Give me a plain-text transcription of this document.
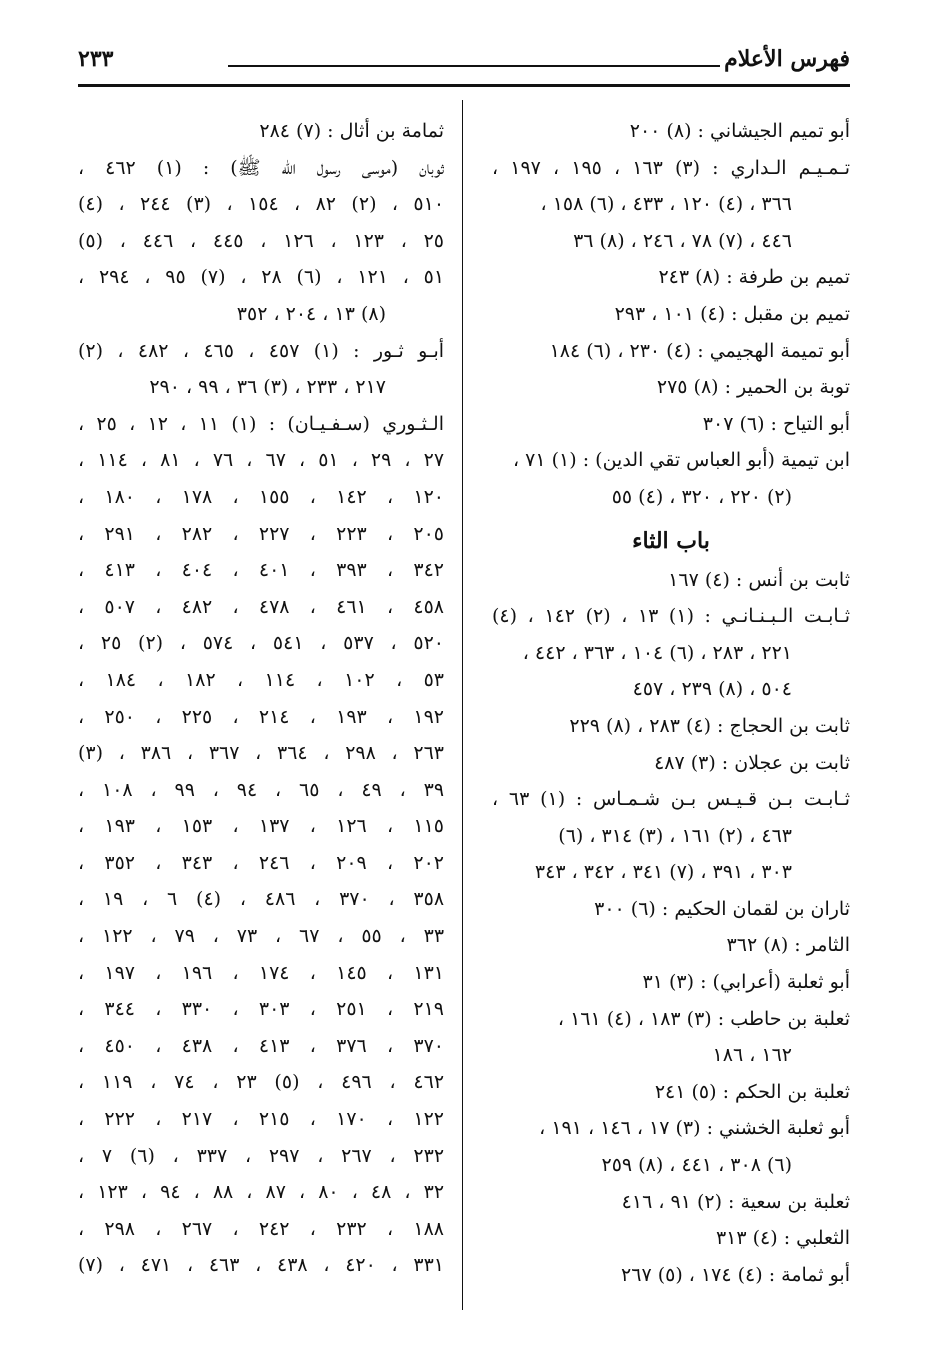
فهرس الأعلام
٢٣٣
أبو تميم الجيشاني : (٨) ٢٠٠
تـمـيـم الـداري : (٣) ١٦٣ ، ١٩٥ ، ١٩٧ ،
٣٦٦ ، (٤) ١٢٠ ، ٤٣٣ ، (٦) ١٥٨ ،
٤٤٦ ، (٧) ٧٨ ، ٢٤٦ ، (٨) ٣٦
تميم بن طرفة : (٨) ٢٤٣
تميم بن مقبل : (٤) ١٠١ ، ٢٩٣
أبو تميمة الهجيمي : (٤) ٢٣٠ ، (٦) ١٨٤
توبة بن الحمير : (٨) ٢٧٥
أبو التياح : (٦) ٣٠٧
ابن تيمية (أبو العباس تقي الدين) : (١) ٧١ ،
(٢) ٢٢٠ ، ٣٢٠ ، (٤) ٥٥
باب الثاء
ثابت بن أنس : (٤) ١٦٧
ثـابـت الـبـنـانـي : (١) ١٣ ، (٢) ١٤٢ ، (٤)
٢٢١ ، ٢٨٣ ، (٦) ١٠٤ ، ٣٦٣ ، ٤٤٢ ،
٥٠٤ ، (٨) ٢٣٩ ، ٤٥٧
ثابت بن الحجاج : (٤) ٢٨٣ ، (٨) ٢٢٩
ثابت بن عجلان : (٣) ٤٨٧
ثـابـت بـن قـيـس بـن شـمـاس : (١) ٦٣ ،
٤٦٣ ، (٢) ١٦١ ، (٣) ٣١٤ ، (٦)
٣٠٣ ، ٣٩١ ، (٧) ٣٤١ ، ٣٤٢ ، ٣٤٣
ثاران بن لقمان الحكيم : (٦) ٣٠٠
الثامر : (٨) ٣٦٢
أبو ثعلبة (أعرابي) : (٣) ٣١
ثعلبة بن حاطب : (٣) ١٨٣ ، (٤) ١٦١ ،
١٦٢ ، ١٨٦
ثعلبة بن الحكم : (٥) ٢٤١
أبو ثعلبة الخشني : (٣) ١٧ ، ١٤٦ ، ١٩١ ،
(٦) ٣٠٨ ، ٤٤١ ، (٨) ٢٥٩
ثعلبة بن سعية : (٢) ٩١ ، ٤١٦
الثعلبي : (٤) ٣١٣
أبو ثمامة : (٤) ١٧٤ ، (٥) ٢٦٧
ثمامة بن أثال : (٧) ٢٨٤
ثوبان (موسى رسول الله ﷺ) : (١) ٤٦٢ ،
٥١٠ ، (٢) ٨٢ ، ١٥٤ ، (٣) ٢٤٤ ، (٤)
٢٥ ، ١٢٣ ، ١٢٦ ، ٤٤٥ ، ٤٤٦ ، (٥)
٥١ ، ١٢١ ، (٦) ٢٨ ، (٧) ٩٥ ، ٢٩٤ ،
(٨) ١٣ ، ٢٠٤ ، ٣٥٢
أبـو ثـور : (١) ٤٥٧ ، ٤٦٥ ، ٤٨٢ ، (٢)
٢١٧ ، ٢٣٣ ، (٣) ٣٦ ، ٩٩ ، ٢٩٠
الـثـوري (سـفـيـان) : (١) ١١ ، ١٢ ، ٢٥ ،
٢٧ ، ٢٩ ، ٥١ ، ٦٧ ، ٧٦ ، ٨١ ، ١١٤ ،
١٢٠ ، ١٤٢ ، ١٥٥ ، ١٧٨ ، ١٨٠ ،
٢٠٥ ، ٢٢٣ ، ٢٢٧ ، ٢٨٢ ، ٢٩١ ،
٣٤٢ ، ٣٩٣ ، ٤٠١ ، ٤٠٤ ، ٤١٣ ،
٤٥٨ ، ٤٦١ ، ٤٧٨ ، ٤٨٢ ، ٥٠٧ ،
٥٢٠ ، ٥٣٧ ، ٥٤١ ، ٥٧٤ ، (٢) ٢٥ ،
٥٣ ، ١٠٢ ، ١١٤ ، ١٨٢ ، ١٨٤ ،
١٩٢ ، ١٩٣ ، ٢١٤ ، ٢٢٥ ، ٢٥٠ ،
٢٦٣ ، ٢٩٨ ، ٣٦٤ ، ٣٦٧ ، ٣٨٦ ، (٣)
٣٩ ، ٤٩ ، ٦٥ ، ٩٤ ، ٩٩ ، ١٠٨ ،
١١٥ ، ١٢٦ ، ١٣٧ ، ١٥٣ ، ١٩٣ ،
٢٠٢ ، ٢٠٩ ، ٢٤٦ ، ٣٤٣ ، ٣٥٢ ،
٣٥٨ ، ٣٧٠ ، ٤٨٦ ، (٤) ٦ ، ١٩ ،
٣٣ ، ٥٥ ، ٦٧ ، ٧٣ ، ٧٩ ، ١٢٢ ،
١٣١ ، ١٤٥ ، ١٧٤ ، ١٩٦ ، ١٩٧ ،
٢١٩ ، ٢٥١ ، ٣٠٣ ، ٣٣٠ ، ٣٤٤ ،
٣٧٠ ، ٣٧٦ ، ٤١٣ ، ٤٣٨ ، ٤٥٠ ،
٤٦٢ ، ٤٩٦ ، (٥) ٢٣ ، ٧٤ ، ١١٩ ،
١٢٢ ، ١٧٠ ، ٢١٥ ، ٢١٧ ، ٢٢٢ ،
٢٣٢ ، ٢٦٧ ، ٢٩٧ ، ٣٣٧ ، (٦) ٧ ،
٣٢ ، ٤٨ ، ٨٠ ، ٨٧ ، ٨٨ ، ٩٤ ، ١٢٣ ،
١٨٨ ، ٢٣٢ ، ٢٤٢ ، ٢٦٧ ، ٢٩٨ ،
٣٣١ ، ٤٢٠ ، ٤٣٨ ، ٤٦٣ ، ٤٧١ ، (٧)
